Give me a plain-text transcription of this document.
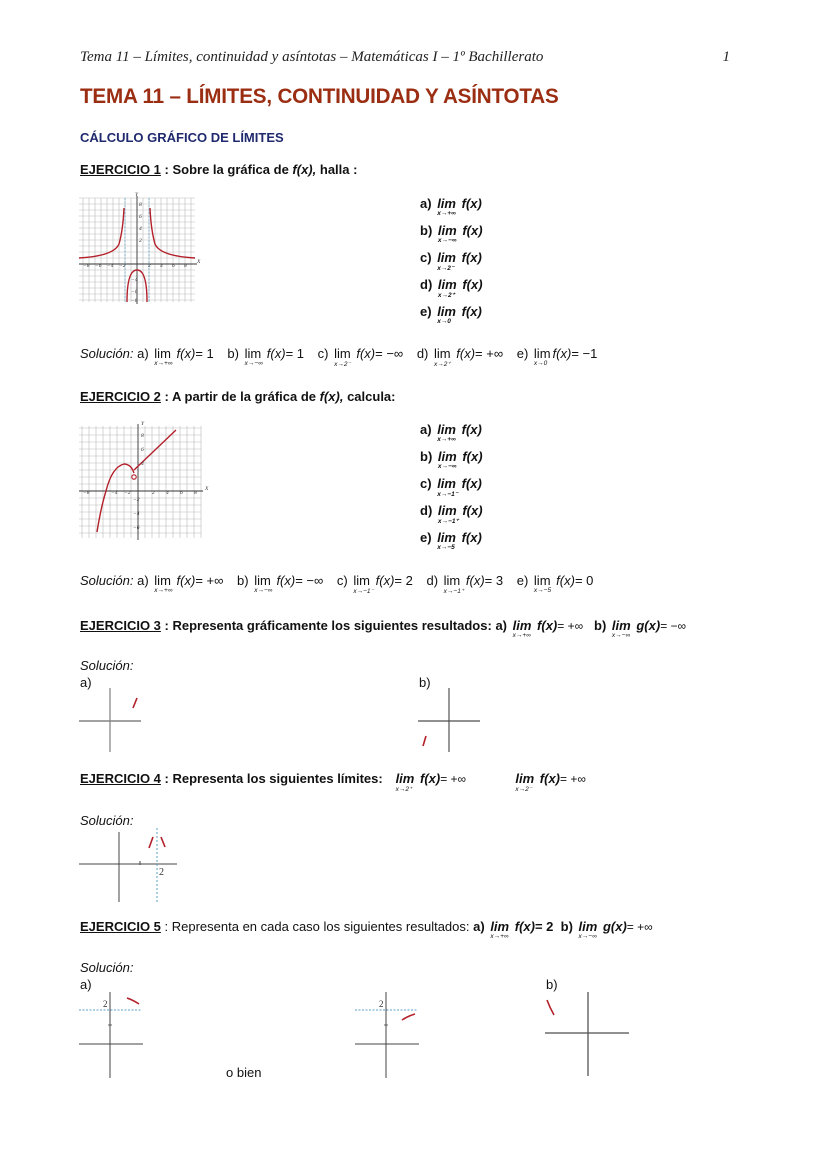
Tema 11 – Límites, continuidad y asíntotas – Matemáticas I – 1º Bachillerato	1
TEMA 11 – LÍMITES, CONTINUIDAD Y ASÍNTOTAS
CÁLCULO GRÁFICO DE LÍMITES
EJERCICIO 1 : Sobre la gráfica de f(x), halla :
Y
X
8
6
4
2
−4
−6
−8
−8 −6 −4 −2	2 4 6 8
a) lim
x→+∞
f(x)
b) lim
x→−∞
f(x)
c) lim
x→2⁻
f(x)
d) lim
x→2⁺
f(x)
e) lim
x→0
f(x)
Solución: a) lim
x→+∞
f(x)= 1 b) lim
x→−∞
f(x)= 1 c) lim
x→2⁻
f(x)= −∞ d) lim
x→2⁺
f(x)= +∞ e) lim
x→0
f(x)= −1
EJERCICIO 2 : A partir de la gráfica de f(x), calcula:
Y
X
8
6
4
−2
−4
−6
−8	−4 −2	2 4 6 8
a) lim
x→+∞
f(x)
b) lim
x→−∞
f(x)
c) lim
x→−1⁻
f(x)
d) lim
x→−1⁺
f(x)
e) lim
x→−5
f(x)
Solución: a) lim
x→+∞
f(x)= +∞ b) lim
x→−∞
f(x)= −∞ c) lim
x→−1⁻
f(x)= 2 d) lim
x→−1⁺
f(x)= 3 e) lim
x→−5
f(x)= 0
EJERCICIO 3 : Representa gráficamente los siguientes resultados: a) lim
x→+∞
f(x)= +∞ b) lim
x→−∞
g(x)= −∞
Solución:
a)	b)
EJERCICIO 4 : Representa los siguientes límites: lim
x→2⁺
f(x)= +∞	lim
x→2⁻
f(x)= +∞
Solución:
2
EJERCICIO 5 : Representa en cada caso los siguientes resultados: a) lim
x→+∞
f(x)= 2 b) lim
x→−∞
g(x)= +∞
Solución:
a)	b)
2
o bien
2
